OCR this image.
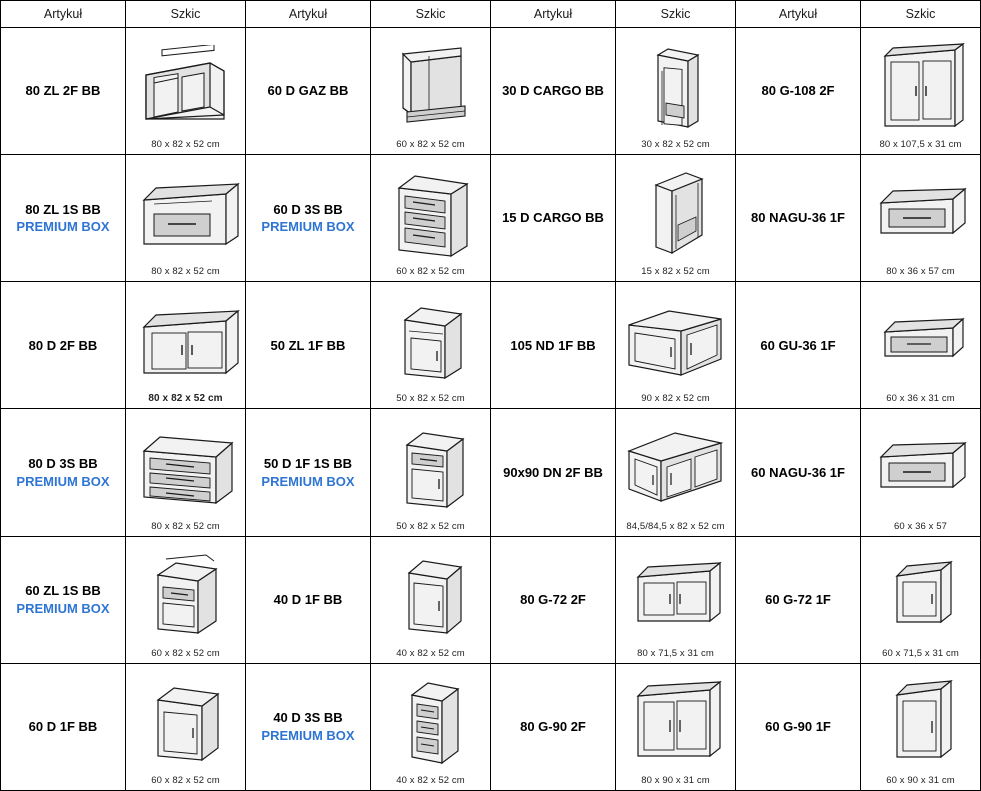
Artykuł	Szkic	Artykuł	Szkic	Artykuł	Szkic	Artykuł	Szkic
80 ZL 2F BB	80 x 82 x 52 cm	60 D GAZ BB	60 x 82 x 52 cm	30 D CARGO BB	30 x 82 x 52 cm	80 G-108 2F	80 x 107,5 x 31 cm

80 ZL 1S BB
PREMIUM BOX	80 x 82 x 52 cm	60 D 3S BB
PREMIUM BOX	60 x 82 x 52 cm	15 D CARGO BB	15 x 82 x 52 cm	80 NAGU-36 1F	80 x 36 x 57 cm

80 D 2F BB	80 x 82 x 52 cm	50 ZL 1F BB	50 x 82 x 52 cm	105 ND 1F BB	90 x 82 x 52 cm	60 GU-36 1F	60 x 36 x 31 cm

80 D 3S BB
PREMIUM BOX	80 x 82 x 52 cm	50 D 1F 1S BB
PREMIUM BOX	50 x 82 x 52 cm	90x90 DN 2F BB	84,5/84,5 x 82 x 52 cm	60 NAGU-36 1F	60 x 36 x 57

60 ZL 1S BB
PREMIUM BOX	60 x 82 x 52 cm	40 D 1F BB	40 x 82 x 52 cm	80 G-72 2F	80 x 71,5 x 31 cm	60 G-72 1F	60 x 71,5 x 31 cm

60 D 1F BB	60 x 82 x 52 cm	40 D 3S BB
PREMIUM BOX	40 x 82 x 52 cm	80 G-90 2F	80 x 90 x 31 cm	60 G-90 1F	60 x 90 x 31 cm
